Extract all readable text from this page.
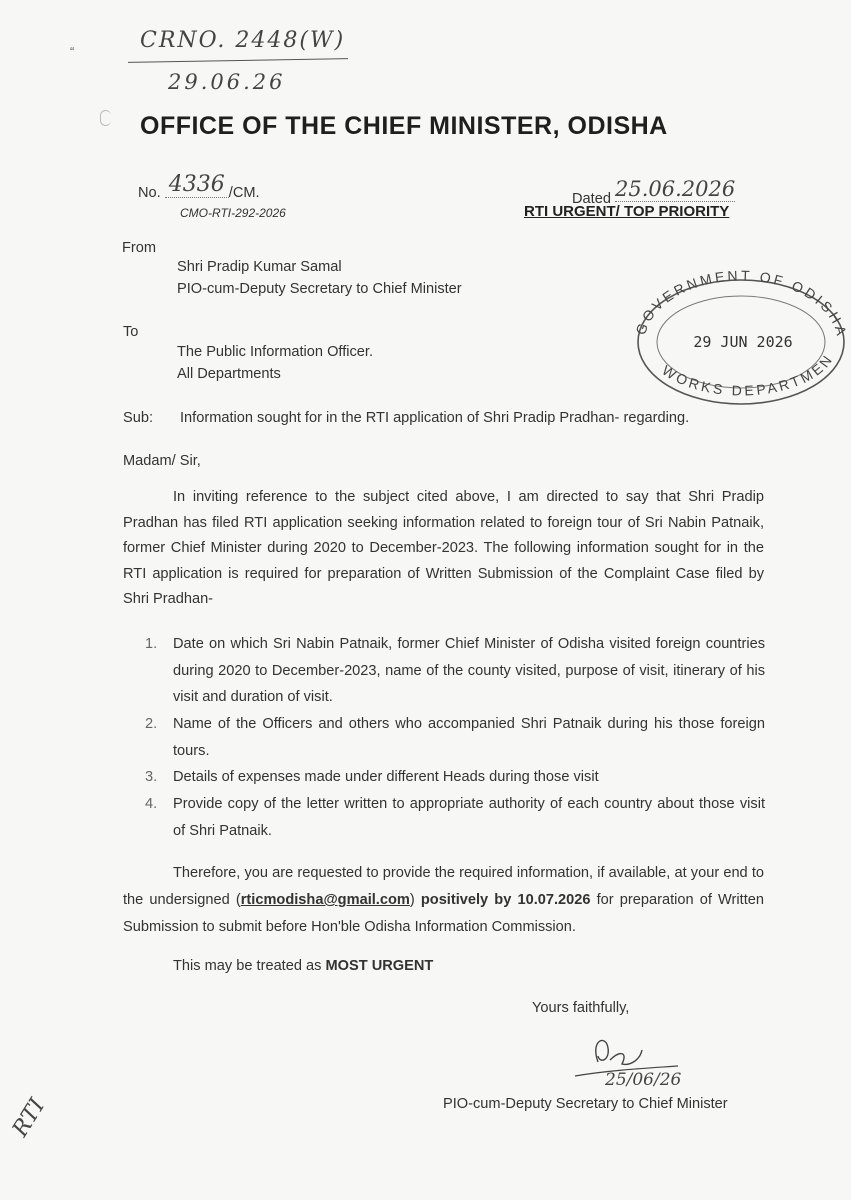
CRNO. 2448(W)
29.06.26
“
OFFICE OF THE CHIEF MINISTER, ODISHA
No. 4336 /CM.
CMO-RTI-292-2026
Dated 25.06.2026
RTI URGENT/ TOP PRIORITY
From
Shri Pradip Kumar Samal
PIO-cum-Deputy Secretary to Chief Minister
To
The Public Information Officer.
All Departments
GOVERNMENT OF ODISHA
WORKS DEPARTMEN
29 JUN 2026
Sub: Information sought for in the RTI application of Shri Pradip Pradhan- regarding.
Madam/ Sir,
In inviting reference to the subject cited above, I am directed to say that Shri Pradip Pradhan has filed RTI application seeking information related to foreign tour of Sri Nabin Patnaik, former Chief Minister during 2020 to December-2023. The following information sought for in the RTI application is required for preparation of Written Submission of the Complaint Case filed by Shri Pradhan-
1.	Date on which Sri Nabin Patnaik, former Chief Minister of Odisha visited foreign countries during 2020 to December-2023, name of the county visited, purpose of visit, itinerary of his visit and duration of visit.
2.	Name of the Officers and others who accompanied Shri Patnaik during his those foreign tours.
3.	Details of expenses made under different Heads during those visit
4.	Provide copy of the letter written to appropriate authority of each country about those visit of Shri Patnaik.
Therefore, you are requested to provide the required information, if available, at your end to the undersigned (rticmodisha@gmail.com) positively by 10.07.2026 for preparation of Written Submission to submit before Hon'ble Odisha Information Commission.
This may be treated as MOST URGENT
Yours faithfully,
25/06/26
PIO-cum-Deputy Secretary to Chief Minister
RTI
